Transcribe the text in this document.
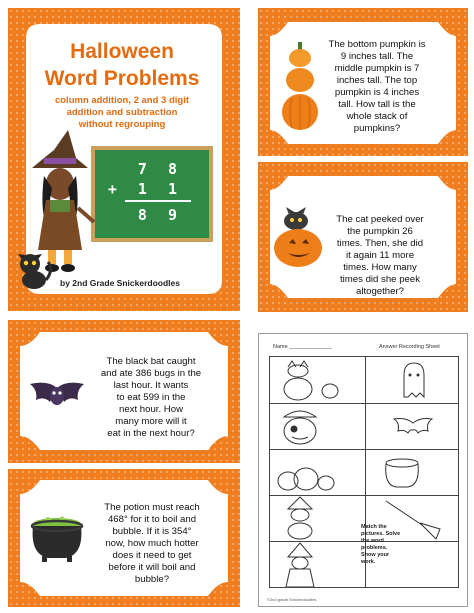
Halloween
Word Problems
column addition, 2 and 3 digit
addition and subtraction
without regrouping
7 8
+ 1 1
8 9
by 2nd Grade Snickerdoodles
The bottom pumpkin is
9 inches tall. The
middle pumpkin is 7
inches tall. The top
pumpkin is 4 inches
tall. How tall is the
whole stack of
pumpkins?
The cat peeked over
the pumpkin 26
times. Then, she did
it again 11 more
times. How many
times did she peek
altogether?
The black bat caught
and ate 386 bugs in the
last hour. It wants
to eat 599 in the
next hour. How
many more will it
eat in the next hour?
The potion must reach
468° for it to boil and
bubble. If it is 354°
now, how much hotter
does it need to get
before it will boil and
bubble?
Name ______________	Answer Recording Sheet
Match the
pictures. Solve
the word
problems.
Show your
work.
©2nd grade Snickerdoodles
